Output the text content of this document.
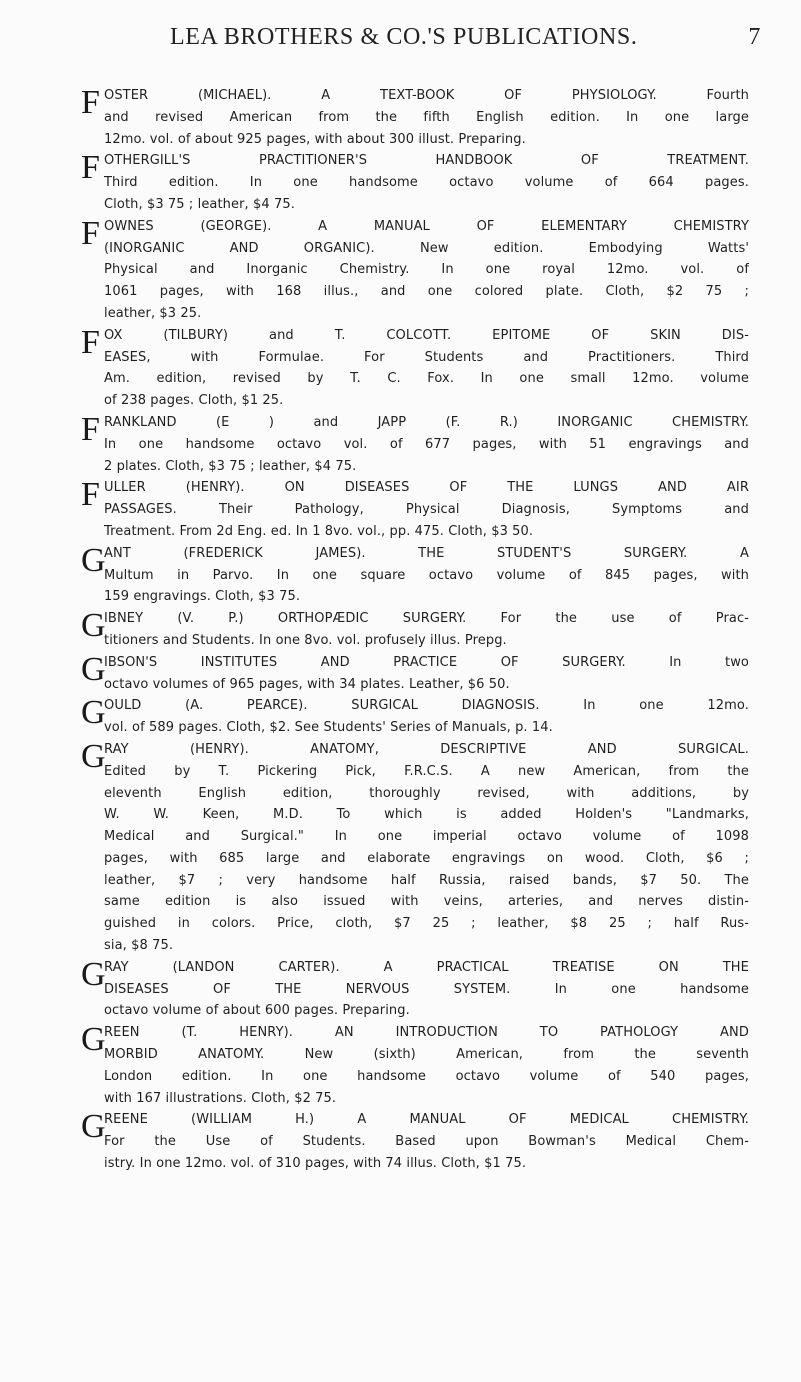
LEA BROTHERS & CO.'S PUBLICATIONS.	7
F OSTER (MICHAEL). A TEXT-BOOK OF PHYSIOLOGY. Fourth
and revised American from the fifth English edition. In one large
12mo. vol. of about 925 pages, with about 300 illust. Preparing.
F OTHERGILL'S PRACTITIONER'S HANDBOOK OF TREATMENT.
Third edition. In one handsome octavo volume of 664 pages.
Cloth, $3 75 ; leather, $4 75.
F OWNES (GEORGE). A MANUAL OF ELEMENTARY CHEMISTRY
(INORGANIC AND ORGANIC). New edition. Embodying Watts'
Physical and Inorganic Chemistry. In one royal 12mo. vol. of
1061 pages, with 168 illus., and one colored plate. Cloth, $2 75 ;
leather, $3 25.
F OX (TILBURY) and T. COLCOTT. EPITOME OF SKIN DIS-
EASES, with Formulae. For Students and Practitioners. Third
Am. edition, revised by T. C. Fox. In one small 12mo. volume
of 238 pages. Cloth, $1 25.
F RANKLAND (E ) and JAPP (F. R.) INORGANIC CHEMISTRY.
In one handsome octavo vol. of 677 pages, with 51 engravings and
2 plates. Cloth, $3 75 ; leather, $4 75.
F ULLER (HENRY). ON DISEASES OF THE LUNGS AND AIR
PASSAGES. Their Pathology, Physical Diagnosis, Symptoms and
Treatment. From 2d Eng. ed. In 1 8vo. vol., pp. 475. Cloth, $3 50.
G
ANT (FREDERICK JAMES). THE STUDENT'S SURGERY. A
Multum in Parvo. In one square octavo volume of 845 pages, with
159 engravings. Cloth, $3 75.
G
IBNEY (V. P.) ORTHOPÆDIC SURGERY. For the use of Prac-
titioners and Students. In one 8vo. vol. profusely illus. Prepg.
G
IBSON'S INSTITUTES AND PRACTICE OF SURGERY. In two
octavo volumes of 965 pages, with 34 plates. Leather, $6 50.
G
OULD (A. PEARCE). SURGICAL DIAGNOSIS. In one 12mo.
vol. of 589 pages. Cloth, $2. See Students' Series of Manuals, p. 14.
G
RAY (HENRY). ANATOMY, DESCRIPTIVE AND SURGICAL.
Edited by T. Pickering Pick, F.R.C.S. A new American, from the
eleventh English edition, thoroughly revised, with additions, by
W. W. Keen, M.D. To which is added Holden's "Landmarks,
Medical and Surgical." In one imperial octavo volume of 1098
pages, with 685 large and elaborate engravings on wood. Cloth, $6 ;
leather, $7 ; very handsome half Russia, raised bands, $7 50. The
same edition is also issued with veins, arteries, and nerves distin-
guished in colors. Price, cloth, $7 25 ; leather, $8 25 ; half Rus-
sia, $8 75.
G
RAY (LANDON CARTER). A PRACTICAL TREATISE ON THE
DISEASES OF THE NERVOUS SYSTEM. In one handsome
octavo volume of about 600 pages. Preparing.
G
REEN (T. HENRY). AN INTRODUCTION TO PATHOLOGY AND
MORBID ANATOMY. New (sixth) American, from the seventh
London edition. In one handsome octavo volume of 540 pages,
with 167 illustrations. Cloth, $2 75.
G
REENE (WILLIAM H.) A MANUAL OF MEDICAL CHEMISTRY.
For the Use of Students. Based upon Bowman's Medical Chem-
istry. In one 12mo. vol. of 310 pages, with 74 illus. Cloth, $1 75.
